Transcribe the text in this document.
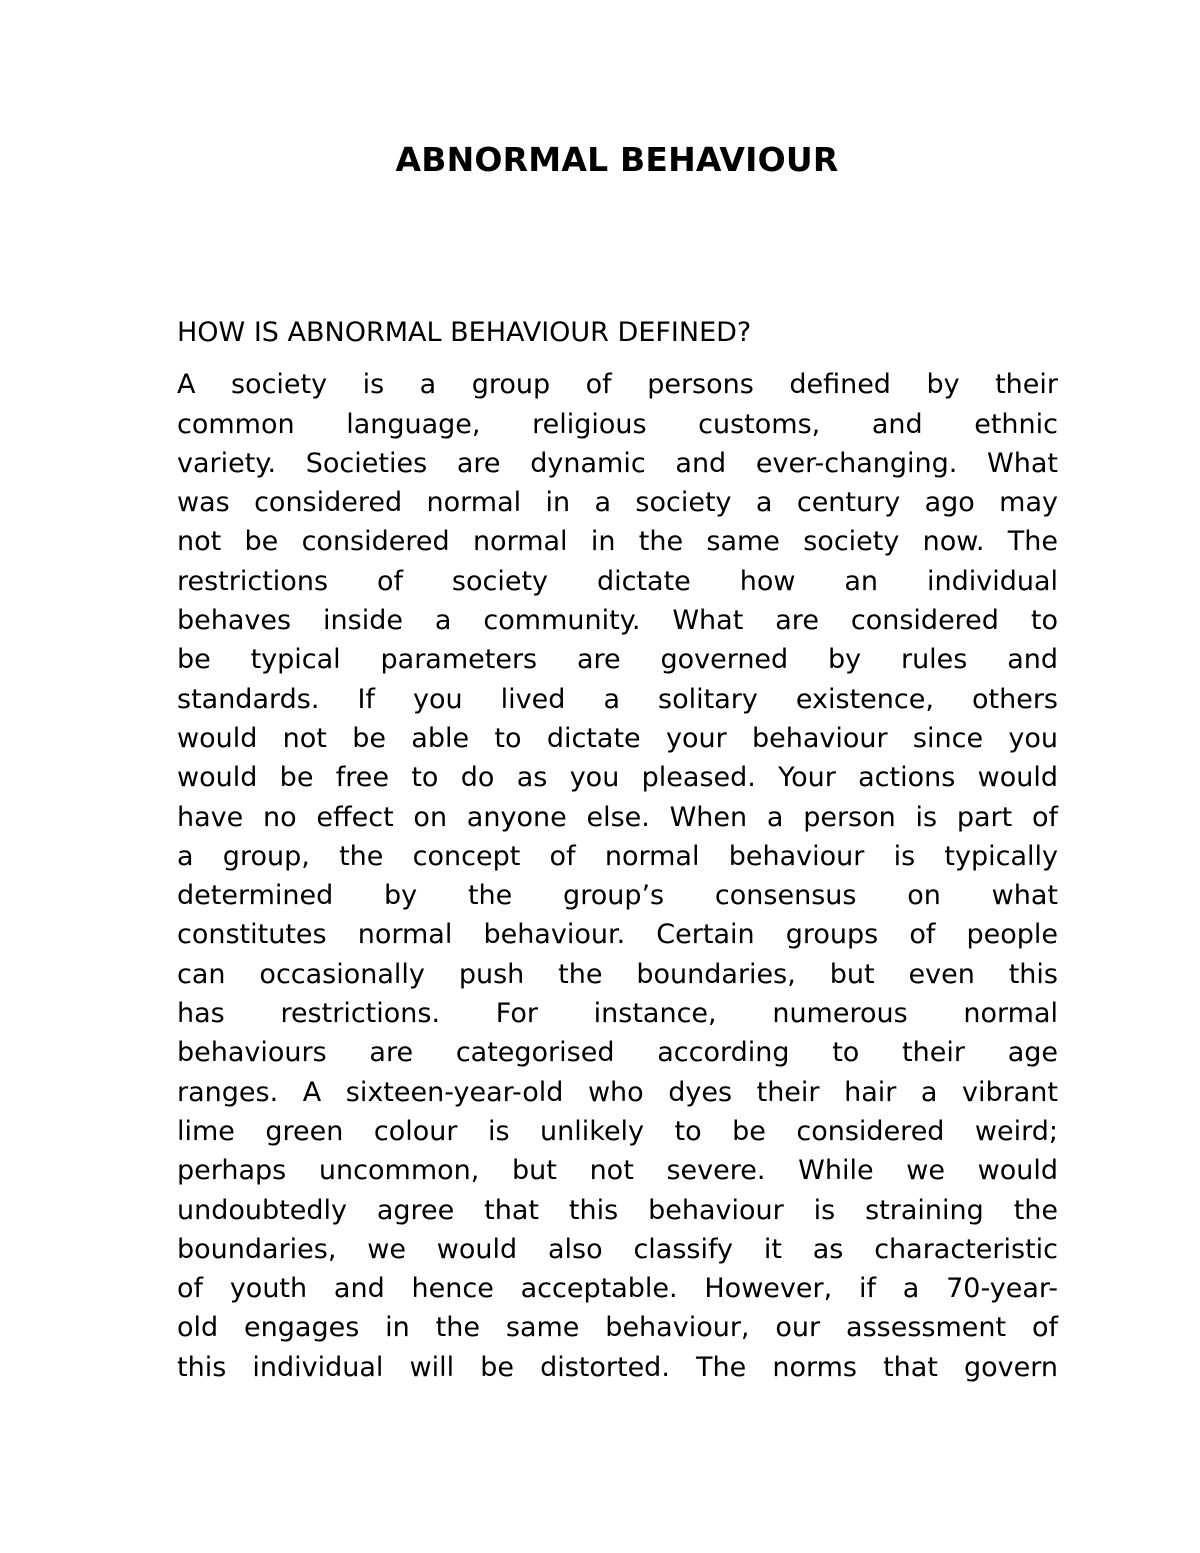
ABNORMAL BEHAVIOUR
HOW IS ABNORMAL BEHAVIOUR DEFINED?
A society is a group of persons defined by their
common language, religious customs, and ethnic
variety. Societies are dynamic and ever-changing. What
was considered normal in a society a century ago may
not be considered normal in the same society now. The
restrictions of society dictate how an individual
behaves inside a community. What are considered to
be typical parameters are governed by rules and
standards. If you lived a solitary existence, others
would not be able to dictate your behaviour since you
would be free to do as you pleased. Your actions would
have no effect on anyone else. When a person is part of
a group, the concept of normal behaviour is typically
determined by the group’s consensus on what
constitutes normal behaviour. Certain groups of people
can occasionally push the boundaries, but even this
has restrictions. For instance, numerous normal
behaviours are categorised according to their age
ranges. A sixteen-year-old who dyes their hair a vibrant
lime green colour is unlikely to be considered weird;
perhaps uncommon, but not severe. While we would
undoubtedly agree that this behaviour is straining the
boundaries, we would also classify it as characteristic
of youth and hence acceptable. However, if a 70-year-
old engages in the same behaviour, our assessment of
this individual will be distorted. The norms that govern
